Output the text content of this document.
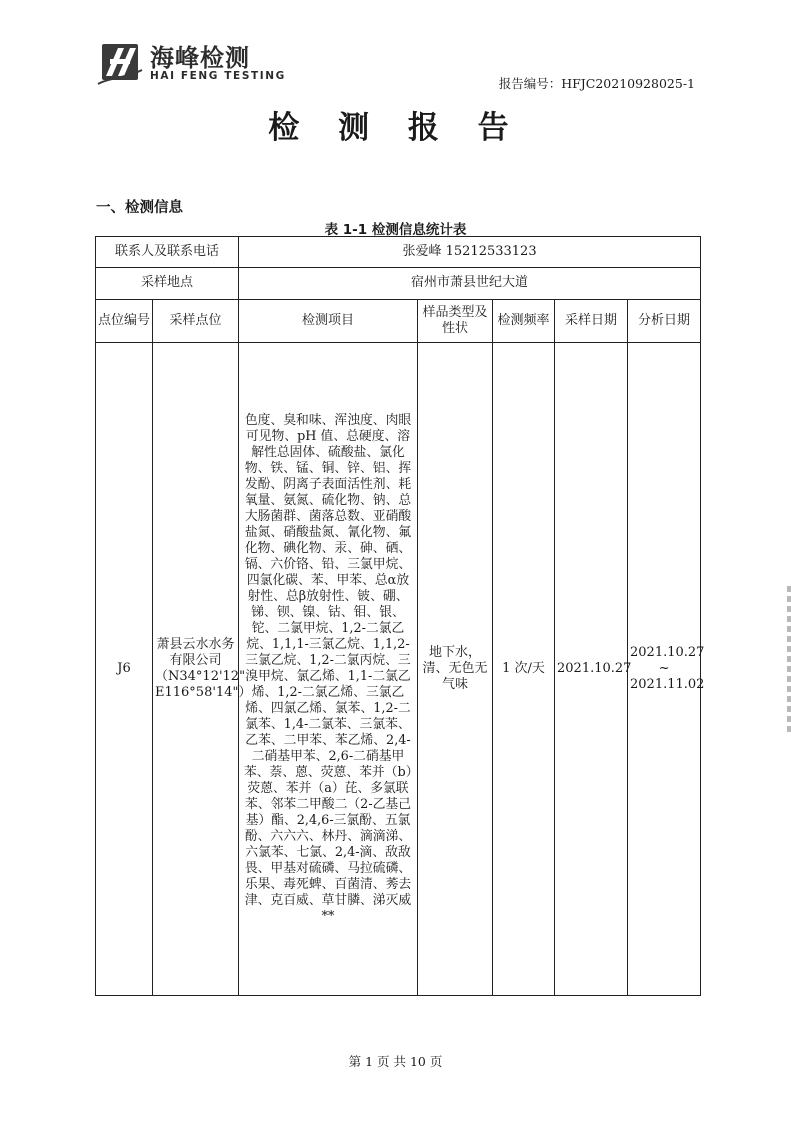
海峰检测
HAI FENG TESTING	报告编号：HFJC20210928025-1
检 测 报 告
一、检测信息
表 1-1 检测信息统计表
联系人及联系电话		张爱峰 15212533123				
采样地点		宿州市萧县世纪大道				
点位编号	采样点位	检测项目	样品类型及性状	检测频率	采样日期	分析日期
J6	萧县云水水务有限公司（N34°12'12" E116°58'14"）	色度、臭和味、浑浊度、肉眼可见物、pH 值、总硬度、溶解性总固体、硫酸盐、氯化物、铁、锰、铜、锌、铝、挥发酚、阴离子表面活性剂、耗氧量、氨氮、硫化物、钠、总大肠菌群、菌落总数、亚硝酸盐氮、硝酸盐氮、氰化物、氟化物、碘化物、汞、砷、硒、镉、六价铬、铅、三氯甲烷、四氯化碳、苯、甲苯、总α放射性、总β放射性、铍、硼、锑、钡、镍、钴、钼、银、铊、二氯甲烷、1,2-二氯乙烷、1,1,1-三氯乙烷、1,1,2-三氯乙烷、1,2-二氯丙烷、三溴甲烷、氯乙烯、1,1-二氯乙烯、1,2-二氯乙烯、三氯乙烯、四氯乙烯、氯苯、1,2-二氯苯、1,4-二氯苯、三氯苯、乙苯、二甲苯、苯乙烯、2,4-二硝基甲苯、2,6-二硝基甲苯、萘、蒽、荧蒽、苯并（b）荧蒽、苯并（a）芘、多氯联苯、邻苯二甲酸二（2-乙基己基）酯、2,4,6-三氯酚、五氯酚、六六六、林丹、滴滴涕、六氯苯、七氯、2,4-滴、敌敌畏、甲基对硫磷、马拉硫磷、乐果、毒死蜱、百菌清、莠去津、克百威、草甘膦、涕灭威**	地下水，清、无色无气味	1 次/天	2021.10.27	2021.10.27 ~ 2021.11.02
第 1 页 共 10 页
